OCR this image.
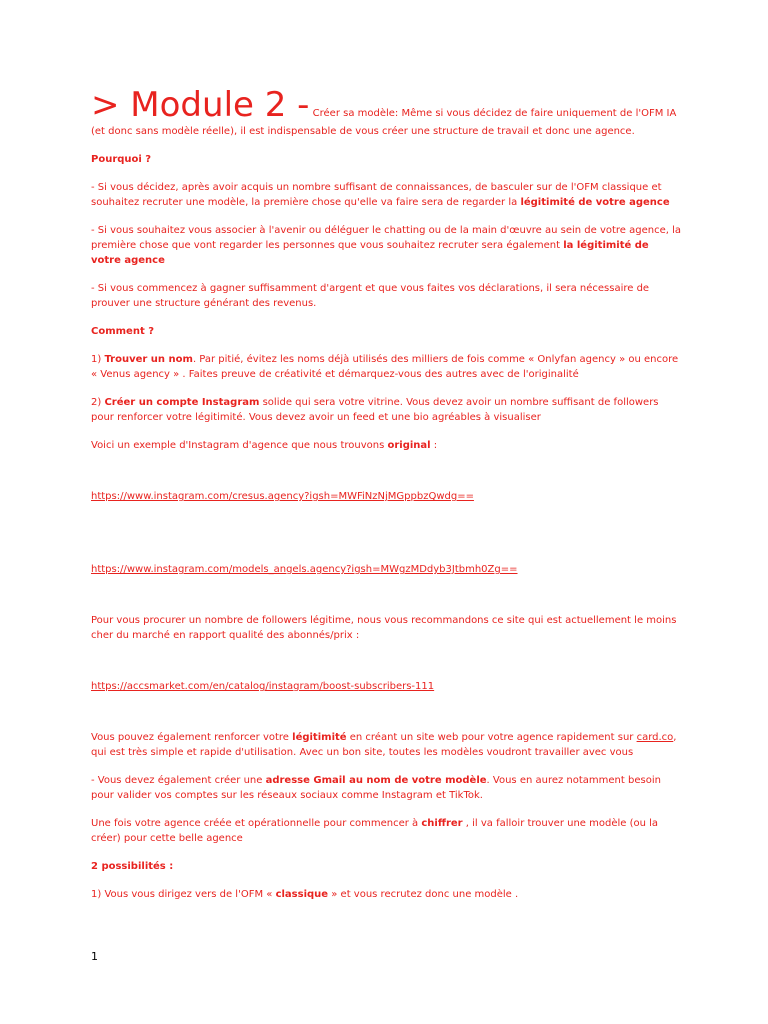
> Module 2 - Créer sa modèle: Même si vous décidez de faire uniquement de l'OFM IA (et donc sans modèle réelle), il est indispensable de vous créer une structure de travail et donc une agence.

Pourquoi ?

- Si vous décidez, après avoir acquis un nombre suffisant de connaissances, de basculer sur de l'OFM classique et souhaitez recruter une modèle, la première chose qu'elle va faire sera de regarder la légitimité de votre agence

- Si vous souhaitez vous associer à l'avenir ou déléguer le chatting ou de la main d'œuvre au sein de votre agence, la première chose que vont regarder les personnes que vous souhaitez recruter sera également la légitimité de votre agence

- Si vous commencez à gagner suffisamment d'argent et que vous faites vos déclarations, il sera nécessaire de prouver une structure générant des revenus.

Comment ?

1) Trouver un nom. Par pitié, évitez les noms déjà utilisés des milliers de fois comme « Onlyfan agency » ou encore « Venus agency » . Faites preuve de créativité et démarquez-vous des autres avec de l'originalité

2) Créer un compte Instagram solide qui sera votre vitrine. Vous devez avoir un nombre suffisant de followers pour renforcer votre légitimité. Vous devez avoir un feed et une bio agréables à visualiser

Voici un exemple d'Instagram d'agence que nous trouvons original :

https://www.instagram.com/cresus.agency?igsh=MWFiNzNjMGppbzQwdg==

https://www.instagram.com/models_angels.agency?igsh=MWgzMDdyb3Jtbmh0Zg==

Pour vous procurer un nombre de followers légitime, nous vous recommandons ce site qui est actuellement le moins cher du marché en rapport qualité des abonnés/prix :

https://accsmarket.com/en/catalog/instagram/boost-subscribers-111

Vous pouvez également renforcer votre légitimité en créant un site web pour votre agence rapidement sur card.co, qui est très simple et rapide d'utilisation. Avec un bon site, toutes les modèles voudront travailler avec vous

- Vous devez également créer une adresse Gmail au nom de votre modèle. Vous en aurez notamment besoin pour valider vos comptes sur les réseaux sociaux comme Instagram et TikTok.

Une fois votre agence créée et opérationnelle pour commencer à chiffrer , il va falloir trouver une modèle (ou la créer) pour cette belle agence

2 possibilités :

1) Vous vous dirigez vers de l'OFM « classique » et vous recrutez donc une modèle .

1
